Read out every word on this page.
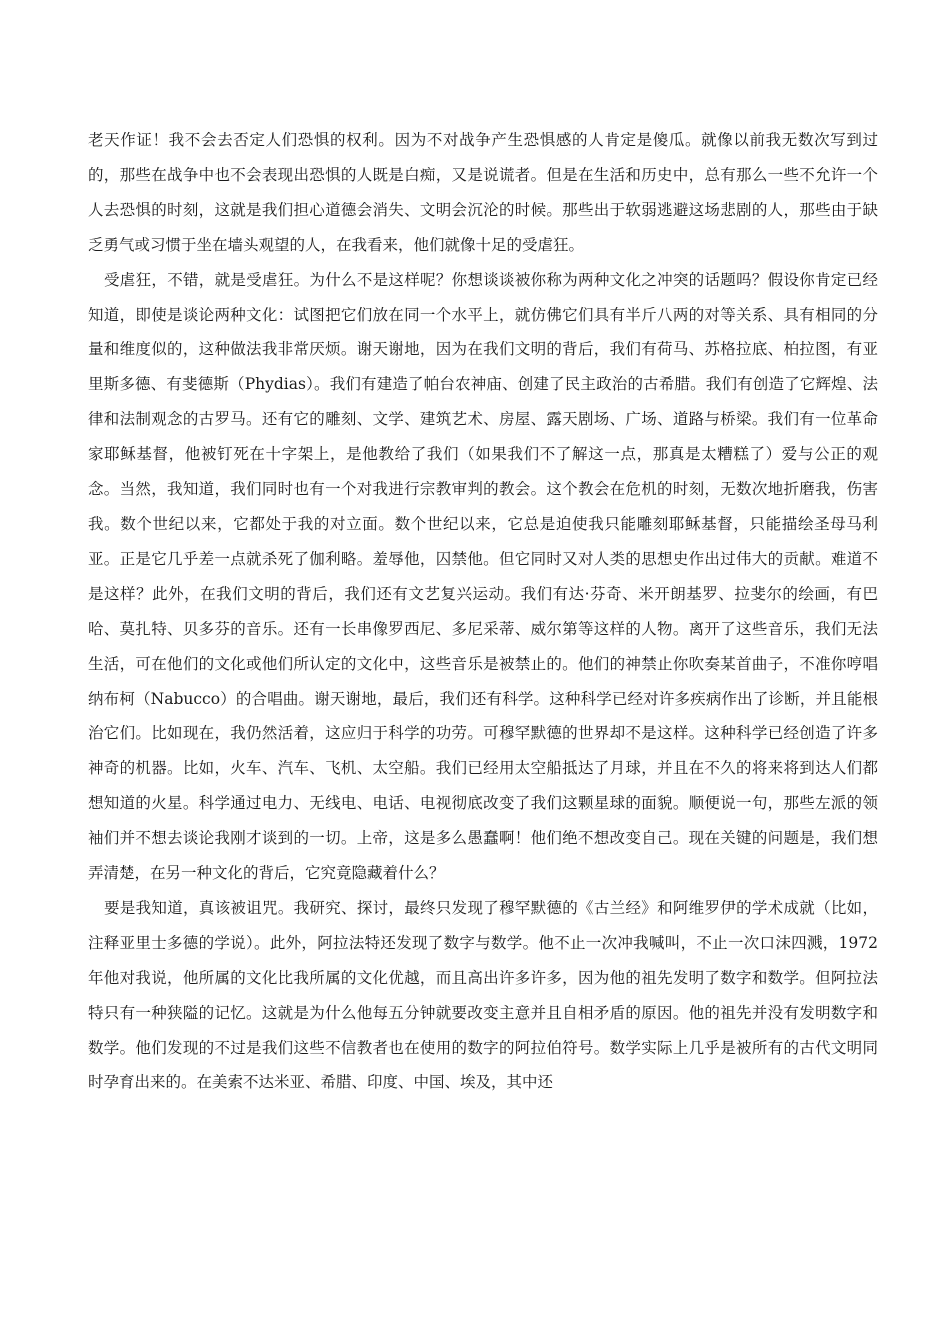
老天作证！我不会去否定人们恐惧的权利。因为不对战争产生恐惧感的人肯定是傻瓜。就像以前我无数次写到过的，那些在战争中也不会表现出恐惧的人既是白痴，又是说谎者。但是在生活和历史中，总有那么一些不允许一个人去恐惧的时刻，这就是我们担心道德会消失、文明会沉沦的时候。那些出于软弱逃避这场悲剧的人，那些由于缺乏勇气或习惯于坐在墙头观望的人，在我看来，他们就像十足的受虐狂。

受虐狂，不错，就是受虐狂。为什么不是这样呢？你想谈谈被你称为两种文化之冲突的话题吗？假设你肯定已经知道，即使是谈论两种文化：试图把它们放在同一个水平上，就仿佛它们具有半斤八两的对等关系、具有相同的分量和维度似的，这种做法我非常厌烦。谢天谢地，因为在我们文明的背后，我们有荷马、苏格拉底、柏拉图，有亚里斯多德、有斐德斯（Phydias）。我们有建造了帕台农神庙、创建了民主政治的古希腊。我们有创造了它辉煌、法律和法制观念的古罗马。还有它的雕刻、文学、建筑艺术、房屋、露天剧场、广场、道路与桥梁。我们有一位革命家耶稣基督，他被钉死在十字架上，是他教给了我们（如果我们不了解这一点，那真是太糟糕了）爱与公正的观念。当然，我知道，我们同时也有一个对我进行宗教审判的教会。这个教会在危机的时刻，无数次地折磨我，伤害我。数个世纪以来，它都处于我的对立面。数个世纪以来，它总是迫使我只能雕刻耶稣基督，只能描绘圣母马利亚。正是它几乎差一点就杀死了伽利略。羞辱他，囚禁他。但它同时又对人类的思想史作出过伟大的贡献。难道不是这样？此外，在我们文明的背后，我们还有文艺复兴运动。我们有达·芬奇、米开朗基罗、拉斐尔的绘画，有巴哈、莫扎特、贝多芬的音乐。还有一长串像罗西尼、多尼采蒂、威尔第等这样的人物。离开了这些音乐，我们无法生活，可在他们的文化或他们所认定的文化中，这些音乐是被禁止的。他们的神禁止你吹奏某首曲子，不准你哼唱纳布柯（Nabucco）的合唱曲。谢天谢地，最后，我们还有科学。这种科学已经对许多疾病作出了诊断，并且能根治它们。比如现在，我仍然活着，这应归于科学的功劳。可穆罕默德的世界却不是这样。这种科学已经创造了许多神奇的机器。比如，火车、汽车、飞机、太空船。我们已经用太空船抵达了月球，并且在不久的将来将到达人们都想知道的火星。科学通过电力、无线电、电话、电视彻底改变了我们这颗星球的面貌。顺便说一句，那些左派的领袖们并不想去谈论我刚才谈到的一切。上帝，这是多么愚蠢啊！他们绝不想改变自己。现在关键的问题是，我们想弄清楚，在另一种文化的背后，它究竟隐藏着什么？

要是我知道，真该被诅咒。我研究、探讨，最终只发现了穆罕默德的《古兰经》和阿维罗伊的学术成就（比如，注释亚里士多德的学说）。此外，阿拉法特还发现了数字与数学。他不止一次冲我喊叫，不止一次口沫四溅，1972 年他对我说，他所属的文化比我所属的文化优越，而且高出许多许多，因为他的祖先发明了数字和数学。但阿拉法特只有一种狭隘的记忆。这就是为什么他每五分钟就要改变主意并且自相矛盾的原因。他的祖先并没有发明数字和数学。他们发现的不过是我们这些不信教者也在使用的数字的阿拉伯符号。数学实际上几乎是被所有的古代文明同时孕育出来的。在美索不达米亚、希腊、印度、中国、埃及，其中还
